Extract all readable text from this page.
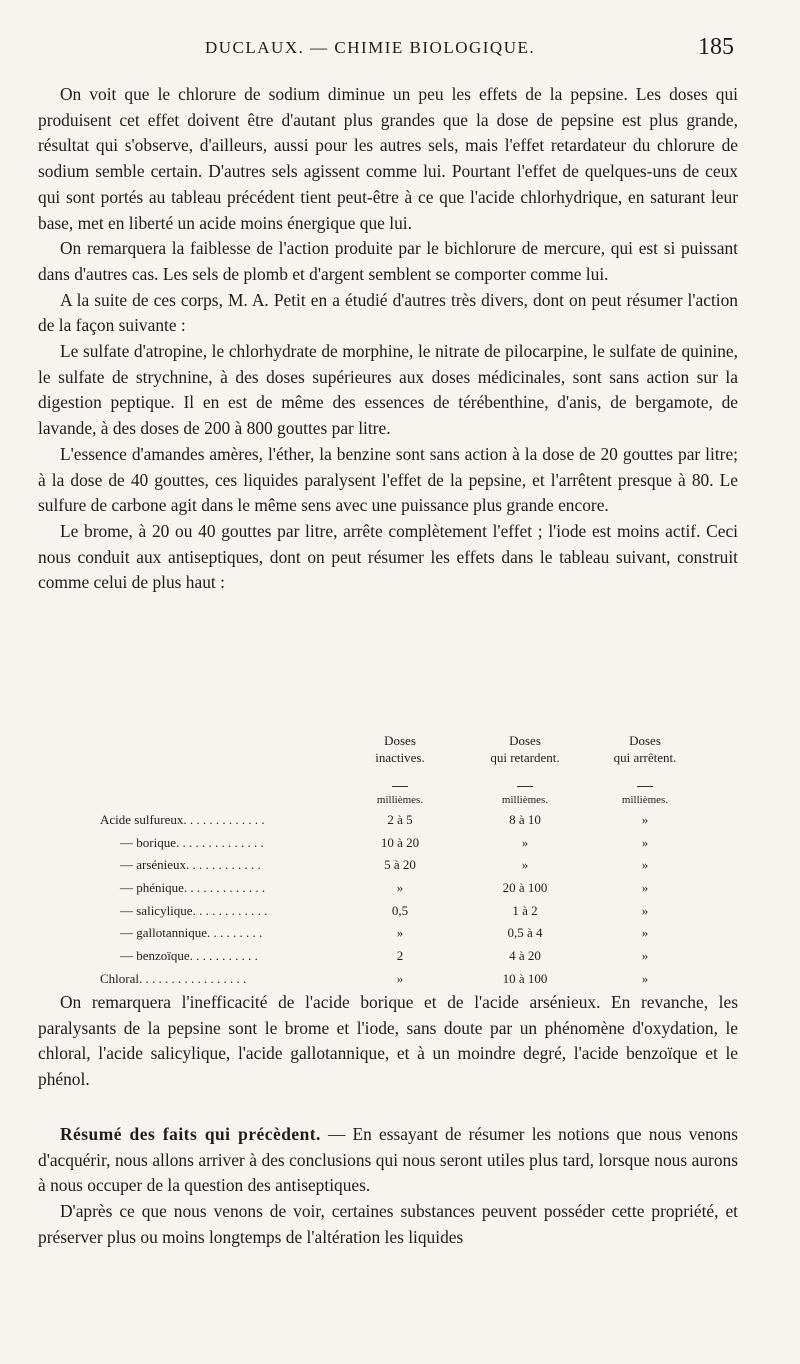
DUCLAUX. — CHIMIE BIOLOGIQUE.	185

On voit que le chlorure de sodium diminue un peu les effets de la pepsine. Les doses qui produisent cet effet doivent être d'autant plus grandes que la dose de pepsine est plus grande, résultat qui s'observe, d'ailleurs, aussi pour les autres sels, mais l'effet retardateur du chlorure de sodium semble certain. D'autres sels agissent comme lui. Pourtant l'effet de quelques-uns de ceux qui sont portés au tableau précédent tient peut-être à ce que l'acide chlorhydrique, en saturant leur base, met en liberté un acide moins énergique que lui.

On remarquera la faiblesse de l'action produite par le bichlorure de mercure, qui est si puissant dans d'autres cas. Les sels de plomb et d'argent semblent se comporter comme lui.

A la suite de ces corps, M. A. Petit en a étudié d'autres très divers, dont on peut résumer l'action de la façon suivante :

Le sulfate d'atropine, le chlorhydrate de morphine, le nitrate de pilocarpine, le sulfate de quinine, le sulfate de strychnine, à des doses supérieures aux doses médicinales, sont sans action sur la digestion peptique. Il en est de même des essences de térébenthine, d'anis, de bergamote, de lavande, à des doses de 200 à 800 gouttes par litre.

L'essence d'amandes amères, l'éther, la benzine sont sans action à la dose de 20 gouttes par litre; à la dose de 40 gouttes, ces liquides paralysent l'effet de la pepsine, et l'arrêtent presque à 80. Le sulfure de carbone agit dans le même sens avec une puissance plus grande encore.

Le brome, à 20 ou 40 gouttes par litre, arrête complètement l'effet ; l'iode est moins actif. Ceci nous conduit aux antiseptiques, dont on peut résumer les effets dans le tableau suivant, construit comme celui de plus haut :

Doses
inactives.
Doses
qui retardent.
Doses
qui arrêtent.
millièmes.	millièmes.	millièmes.
Acide sulfureux. . . . . . . . . . . . .	2 à 5	8 à 10	»
— borique. . . . . . . . . . . . . .	10 à 20	»	»
— arsénieux. . . . . . . . . . . .	5 à 20	»	»
— phénique. . . . . . . . . . . . .	»	20 à 100	»
— salicylique. . . . . . . . . . . .	0,5	1 à 2	»
— gallotannique. . . . . . . . .	»	0,5 à 4	»
— benzoïque. . . . . . . . . . .	2	4 à 20	»
Chloral. . . . . . . . . . . . . . . . .	»	10 à 100	»

On remarquera l'inefficacité de l'acide borique et de l'acide arsénieux. En revanche, les paralysants de la pepsine sont le brome et l'iode, sans doute par un phénomène d'oxydation, le chloral, l'acide salicylique, l'acide gallotannique, et à un moindre degré, l'acide benzoïque et le phénol.

Résumé des faits qui précèdent. — En essayant de résumer les notions que nous venons d'acquérir, nous allons arriver à des conclusions qui nous seront utiles plus tard, lorsque nous aurons à nous occuper de la question des antiseptiques.

D'après ce que nous venons de voir, certaines substances peuvent posséder cette propriété, et préserver plus ou moins longtemps de l'altération les liquides
